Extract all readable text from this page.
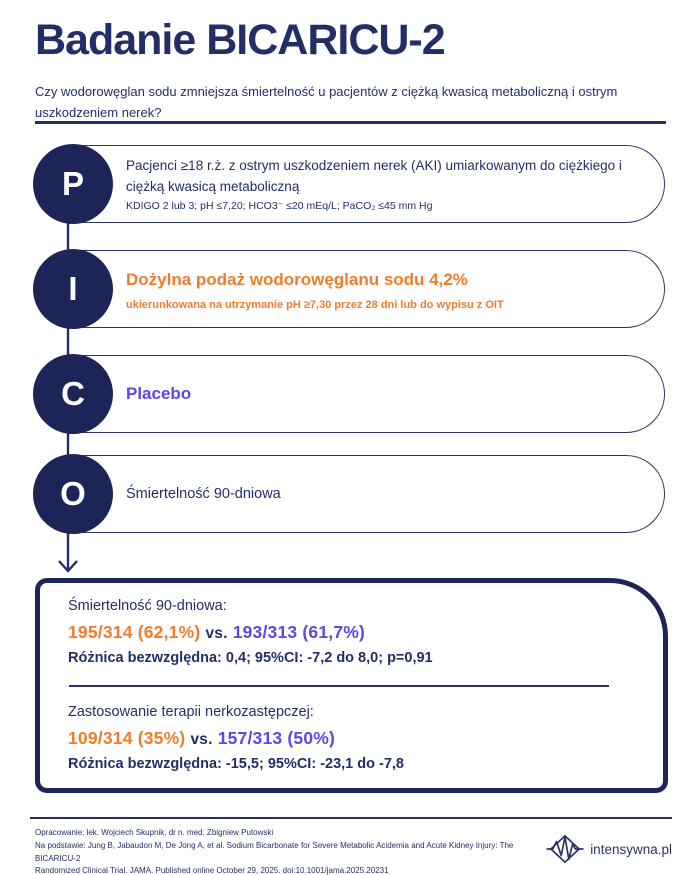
Badanie BICARICU-2
Czy wodorowęglan sodu zmniejsza śmiertelność u pacjentów z ciężką kwasicą metaboliczną i ostrym uszkodzeniem nerek?
Pacjenci ≥18 r.ż. z ostrym uszkodzeniem nerek (AKI) umiarkowanym do ciężkiego i ciężką kwasicą metaboliczną
KDIGO 2 lub 3; pH ≤7,20; HCO3⁻ ≤20 mEq/L; PaCO₂ ≤45 mm Hg
P
Dożylna podaż wodorowęglanu sodu 4,2%
ukierunkowana na utrzymanie pH ≥7,30 przez 28 dni lub do wypisu z OIT
I
Placebo
C
Śmiertelność 90-dniowa
O
Śmiertelność 90-dniowa:
195/314 (62,1%) vs. 193/313 (61,7%)
Różnica bezwzględna: 0,4; 95%CI: -7,2 do 8,0; p=0,91
Zastosowanie terapii nerkozastępczej:
109/314 (35%) vs. 157/313 (50%)
Różnica bezwzględna: -15,5; 95%CI: -23,1 do -7,8
Opracowanie: lek. Wojciech Skupnik, dr n. med. Zbigniew Putowski
Na podstawie: Jung B, Jabaudon M, De Jong A, et al. Sodium Bicarbonate for Severe Metabolic Acidemia and Acute Kidney Injury: The BICARICU-2
Randomized Clinical Trial. JAMA. Published online October 29, 2025. doi:10.1001/jama.2025.20231
intensywna.pl
